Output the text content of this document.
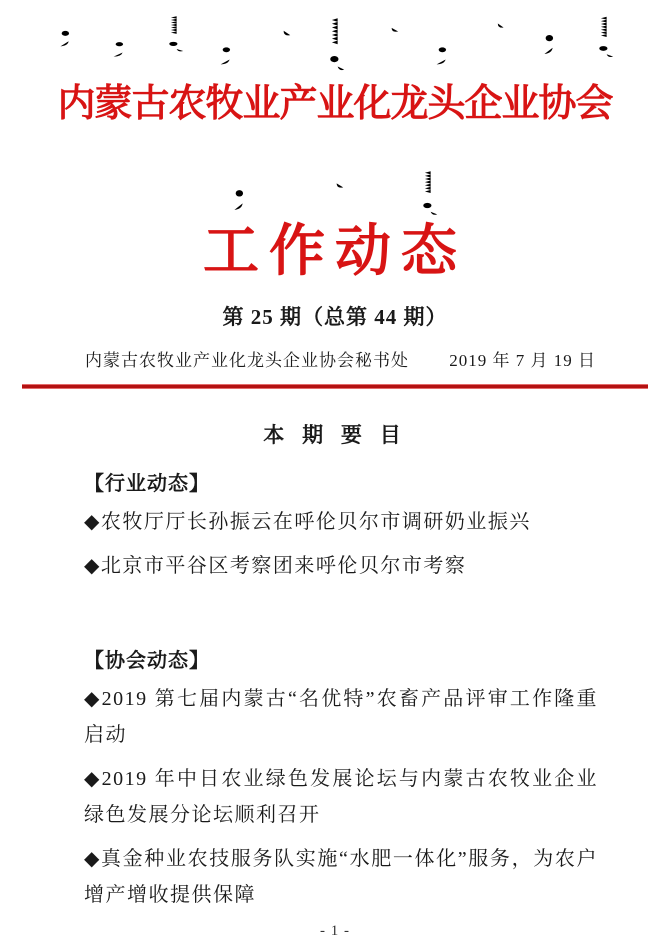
内蒙古农牧业产业化龙头企业协会
工作动态
第 25 期（总第 44 期）
内蒙古农牧业产业化龙头企业协会秘书处 2019 年 7 月 19 日
本 期 要 目
【行业动态】
◆农牧厅厅长孙振云在呼伦贝尔市调研奶业振兴
◆北京市平谷区考察团来呼伦贝尔市考察
【协会动态】
◆2019 第七届内蒙古“名优特”农畜产品评审工作隆重启动
◆2019 年中日农业绿色发展论坛与内蒙古农牧业企业绿色发展分论坛顺利召开
◆真金种业农技服务队实施“水肥一体化”服务，为农户增产增收提供保障
- 1 -
